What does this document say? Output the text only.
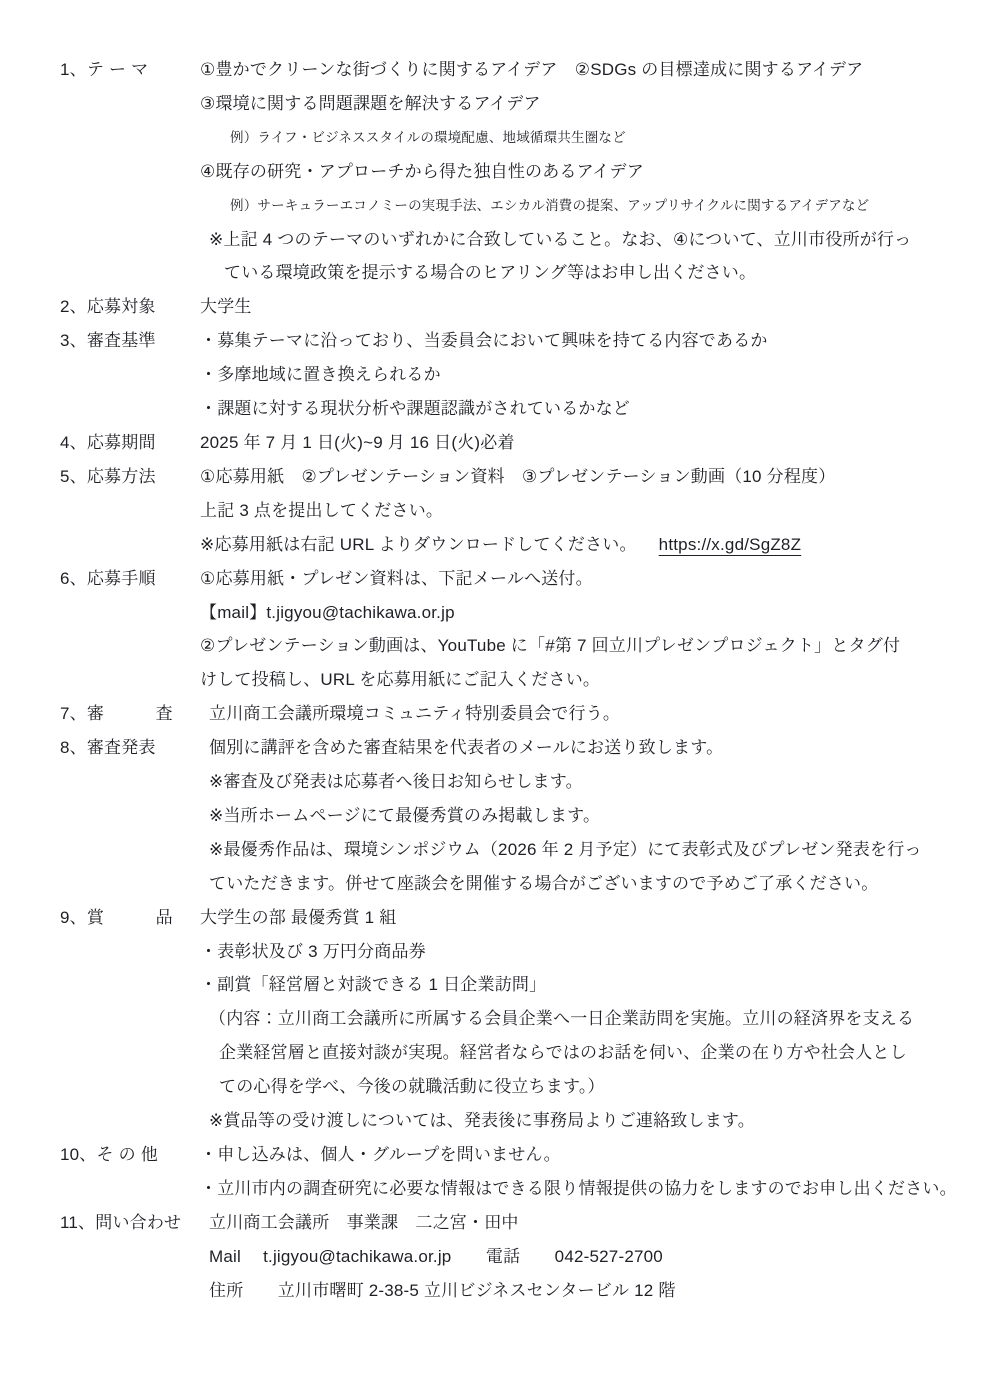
1、テ ー マ	①豊かでクリーンな街づくりに関するアイデア　②SDGs の目標達成に関するアイデア
③環境に関する問題課題を解決するアイデア
例）ライフ・ビジネススタイルの環境配慮、地域循環共生圏など
④既存の研究・アプローチから得た独自性のあるアイデア
例）サーキュラーエコノミーの実現手法、エシカル消費の提案、アップリサイクルに関するアイデアなど
※上記 4 つのテーマのいずれかに合致していること。なお、④について、立川市役所が行っ
ている環境政策を提示する場合のヒアリング等はお申し出ください。
2、応募対象	大学生
3、審査基準	・募集テーマに沿っており、当委員会において興味を持てる内容であるか
・多摩地域に置き換えられるか
・課題に対する現状分析や課題認識がされているかなど
4、応募期間	2025 年 7 月 1 日(火)~9 月 16 日(火)必着
5、応募方法	①応募用紙　②プレゼンテーション資料　③プレゼンテーション動画（10 分程度）
上記 3 点を提出してください。
※応募用紙は右記 URL よりダウンロードしてください。 https://x.gd/SgZ8Z
6、応募手順	①応募用紙・プレゼン資料は、下記メールへ送付。
【mail】t.jigyou@tachikawa.or.jp
②プレゼンテーション動画は、YouTube に「#第 7 回立川プレゼンプロジェクト」とタグ付
けして投稿し、URL を応募用紙にご記入ください。
7、審　　　査	立川商工会議所環境コミュニティ特別委員会で行う。
8、審査発表	個別に講評を含めた審査結果を代表者のメールにお送り致します。
※審査及び発表は応募者へ後日お知らせします。
※当所ホームページにて最優秀賞のみ掲載します。
※最優秀作品は、環境シンポジウム（2026 年 2 月予定）にて表彰式及びプレゼン発表を行っ
ていただきます。併せて座談会を開催する場合がございますので予めご了承ください。
9、賞　　　品	大学生の部 最優秀賞 1 組
・表彰状及び 3 万円分商品券
・副賞「経営層と対談できる 1 日企業訪問」
（内容：立川商工会議所に所属する会員企業へ一日企業訪問を実施。立川の経済界を支える
企業経営層と直接対談が実現。経営者ならではのお話を伺い、企業の在り方や社会人とし
ての心得を学べ、今後の就職活動に役立ちます。）
※賞品等の受け渡しについては、発表後に事務局よりご連絡致します。
10、そ の 他	・申し込みは、個人・グループを問いません。
・立川市内の調査研究に必要な情報はできる限り情報提供の協力をしますのでお申し出ください。
11、問い合わせ	立川商工会議所　事業課　二之宮・田中
Mail　 t.jigyou@tachikawa.or.jp　　電話　　042-527-2700
住所　　立川市曙町 2-38-5 立川ビジネスセンタービル 12 階
